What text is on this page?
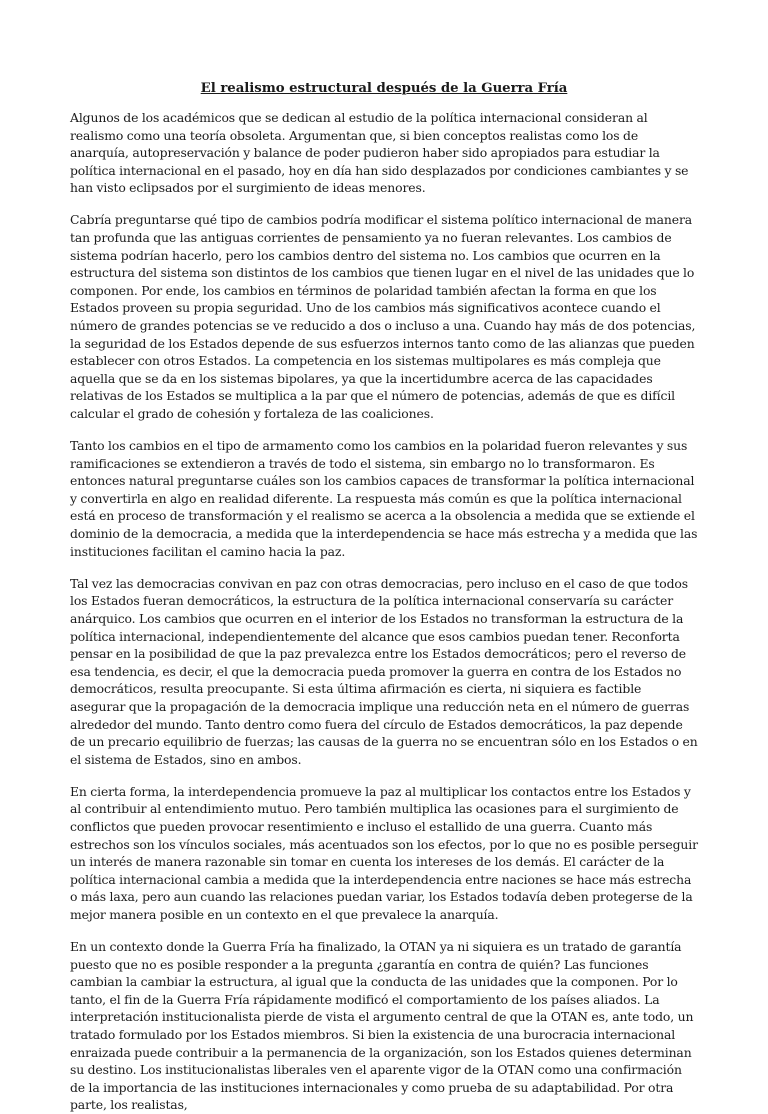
El realismo estructural después de la Guerra Fría

Algunos de los académicos que se dedican al estudio de la política internacional consideran al realismo como una teoría obsoleta. Argumentan que, si bien conceptos realistas como los de anarquía, autopreservación y balance de poder pudieron haber sido apropiados para estudiar la política internacional en el pasado, hoy en día han sido desplazados por condiciones cambiantes y se han visto eclipsados por el surgimiento de ideas menores.

Cabría preguntarse qué tipo de cambios podría modificar el sistema político internacional de manera tan profunda que las antiguas corrientes de pensamiento ya no fueran relevantes. Los cambios de sistema podrían hacerlo, pero los cambios dentro del sistema no. Los cambios que ocurren en la estructura del sistema son distintos de los cambios que tienen lugar en el nivel de las unidades que lo componen. Por ende, los cambios en términos de polaridad también afectan la forma en que los Estados proveen su propia seguridad. Uno de los cambios más significativos acontece cuando el número de grandes potencias se ve reducido a dos o incluso a una. Cuando hay más de dos potencias, la seguridad de los Estados depende de sus esfuerzos internos tanto como de las alianzas que pueden establecer con otros Estados. La competencia en los sistemas multipolares es más compleja que aquella que se da en los sistemas bipolares, ya que la incertidumbre acerca de las capacidades relativas de los Estados se multiplica a la par que el número de potencias, además de que es difícil calcular el grado de cohesión y fortaleza de las coaliciones.

Tanto los cambios en el tipo de armamento como los cambios en la polaridad fueron relevantes y sus ramificaciones se extendieron a través de todo el sistema, sin embargo no lo transformaron. Es entonces natural preguntarse cuáles son los cambios capaces de transformar la política internacional y convertirla en algo en realidad diferente. La respuesta más común es que la política internacional está en proceso de transformación y el realismo se acerca a la obsolencia a medida que se extiende el dominio de la democracia, a medida que la interdependencia se hace más estrecha y a medida que las instituciones facilitan el camino hacia la paz.

Tal vez las democracias convivan en paz con otras democracias, pero incluso en el caso de que todos los Estados fueran democráticos, la estructura de la política internacional conservaría su carácter anárquico. Los cambios que ocurren en el interior de los Estados no transforman la estructura de la política internacional, independientemente del alcance que esos cambios puedan tener. Reconforta pensar en la posibilidad de que la paz prevalezca entre los Estados democráticos; pero el reverso de esa tendencia, es decir, el que la democracia pueda promover la guerra en contra de los Estados no democráticos, resulta preocupante. Si esta última afirmación es cierta, ni siquiera es factible asegurar que la propagación de la democracia implique una reducción neta en el número de guerras alrededor del mundo. Tanto dentro como fuera del círculo de Estados democráticos, la paz depende de un precario equilibrio de fuerzas; las causas de la guerra no se encuentran sólo en los Estados o en el sistema de Estados, sino en ambos.

En cierta forma, la interdependencia promueve la paz al multiplicar los contactos entre los Estados y al contribuir al entendimiento mutuo. Pero también multiplica las ocasiones para el surgimiento de conflictos que pueden provocar resentimiento e incluso el estallido de una guerra. Cuanto más estrechos son los vínculos sociales, más acentuados son los efectos, por lo que no es posible perseguir un interés de manera razonable sin tomar en cuenta los intereses de los demás. El carácter de la política internacional cambia a medida que la interdependencia entre naciones se hace más estrecha o más laxa, pero aun cuando las relaciones puedan variar, los Estados todavía deben protegerse de la mejor manera posible en un contexto en el que prevalece la anarquía.

En un contexto donde la Guerra Fría ha finalizado, la OTAN ya ni siquiera es un tratado de garantía puesto que no es posible responder a la pregunta ¿garantía en contra de quién? Las funciones cambian la cambiar la estructura, al igual que la conducta de las unidades que la componen. Por lo tanto, el fin de la Guerra Fría rápidamente modificó el comportamiento de los países aliados. La interpretación institucionalista pierde de vista el argumento central de que la OTAN es, ante todo, un tratado formulado por los Estados miembros. Si bien la existencia de una burocracia internacional enraizada puede contribuir a la permanencia de la organización, son los Estados quienes determinan su destino. Los institucionalistas liberales ven el aparente vigor de la OTAN como una confirmación de la importancia de las instituciones internacionales y como prueba de su adaptabilidad. Por otra parte, los realistas,
